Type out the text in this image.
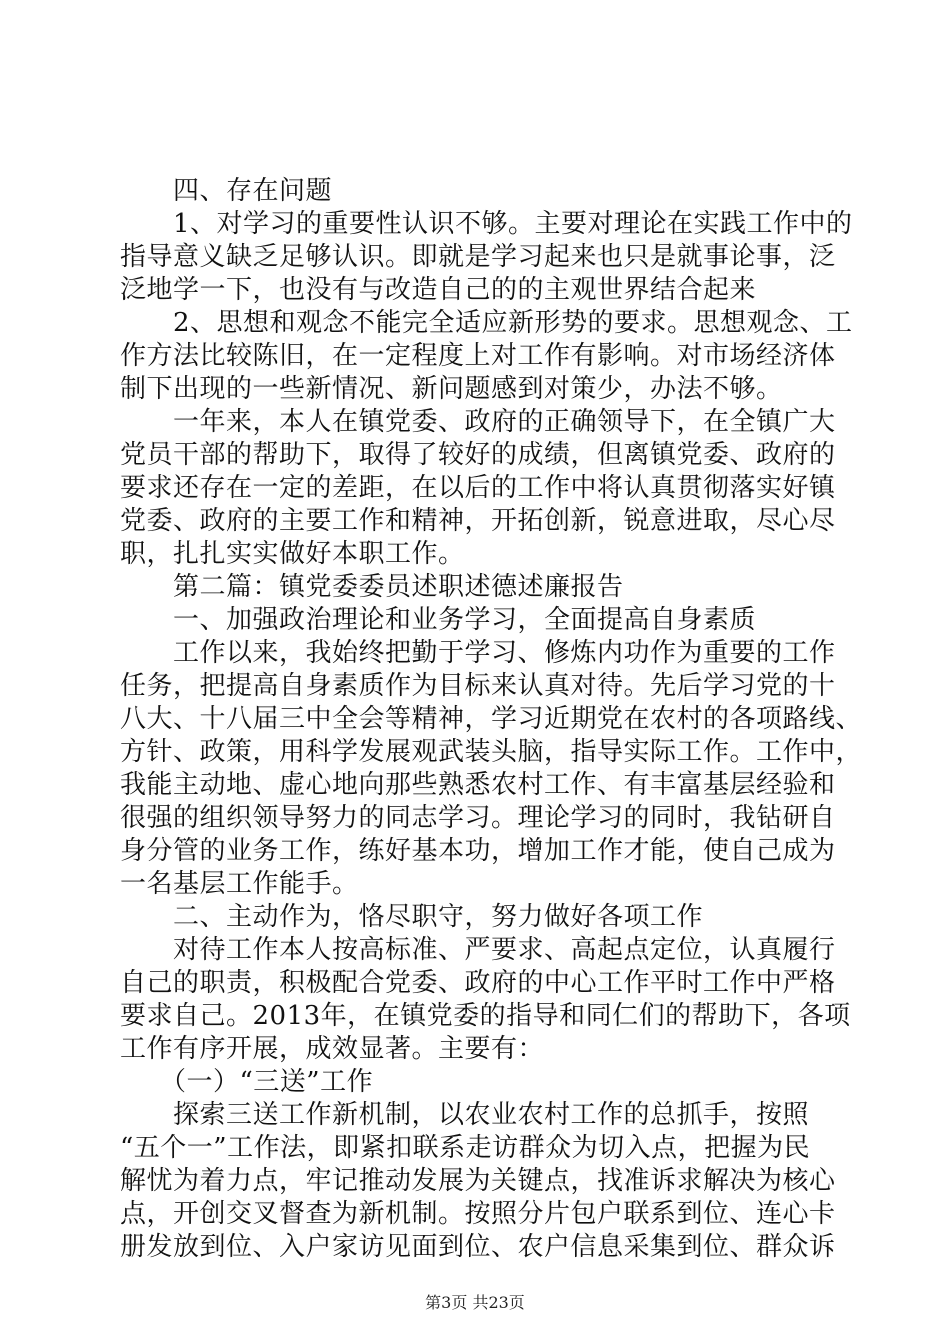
　　四、存在问题

　　1、对学习的重要性认识不够。主要对理论在实践工作中的

指导意义缺乏足够认识。即就是学习起来也只是就事论事，泛

泛地学一下，也没有与改造自己的的主观世界结合起来

　　2、思想和观念不能完全适应新形势的要求。思想观念、工

作方法比较陈旧，在一定程度上对工作有影响。对市场经济体

制下出现的一些新情况、新问题感到对策少，办法不够。

　　一年来，本人在镇党委、政府的正确领导下，在全镇广大

党员干部的帮助下，取得了较好的成绩，但离镇党委、政府的

要求还存在一定的差距，在以后的工作中将认真贯彻落实好镇

党委、政府的主要工作和精神，开拓创新，锐意进取，尽心尽

职，扎扎实实做好本职工作。

　　第二篇：镇党委委员述职述德述廉报告

　　一、加强政治理论和业务学习，全面提高自身素质

　　工作以来，我始终把勤于学习、修炼内功作为重要的工作

任务，把提高自身素质作为目标来认真对待。先后学习党的十

八大、十八届三中全会等精神，学习近期党在农村的各项路线、

方针、政策，用科学发展观武装头脑，指导实际工作。工作中，

我能主动地、虚心地向那些熟悉农村工作、有丰富基层经验和

很强的组织领导努力的同志学习。理论学习的同时，我钻研自

身分管的业务工作，练好基本功，增加工作才能，使自己成为

一名基层工作能手。

　　二、主动作为，恪尽职守，努力做好各项工作

　　对待工作本人按高标准、严要求、高起点定位，认真履行

自己的职责，积极配合党委、政府的中心工作平时工作中严格

要求自己。2013年，在镇党委的指导和同仁们的帮助下，各项

工作有序开展，成效显著。主要有：

　　（一）“三送”工作

　　探索三送工作新机制，以农业农村工作的总抓手，按照

“五个一”工作法，即紧扣联系走访群众为切入点，把握为民

解忧为着力点，牢记推动发展为关键点，找准诉求解决为核心

点，开创交叉督查为新机制。按照分片包户联系到位、连心卡

册发放到位、入户家访见面到位、农户信息采集到位、群众诉

第3页 共23页
